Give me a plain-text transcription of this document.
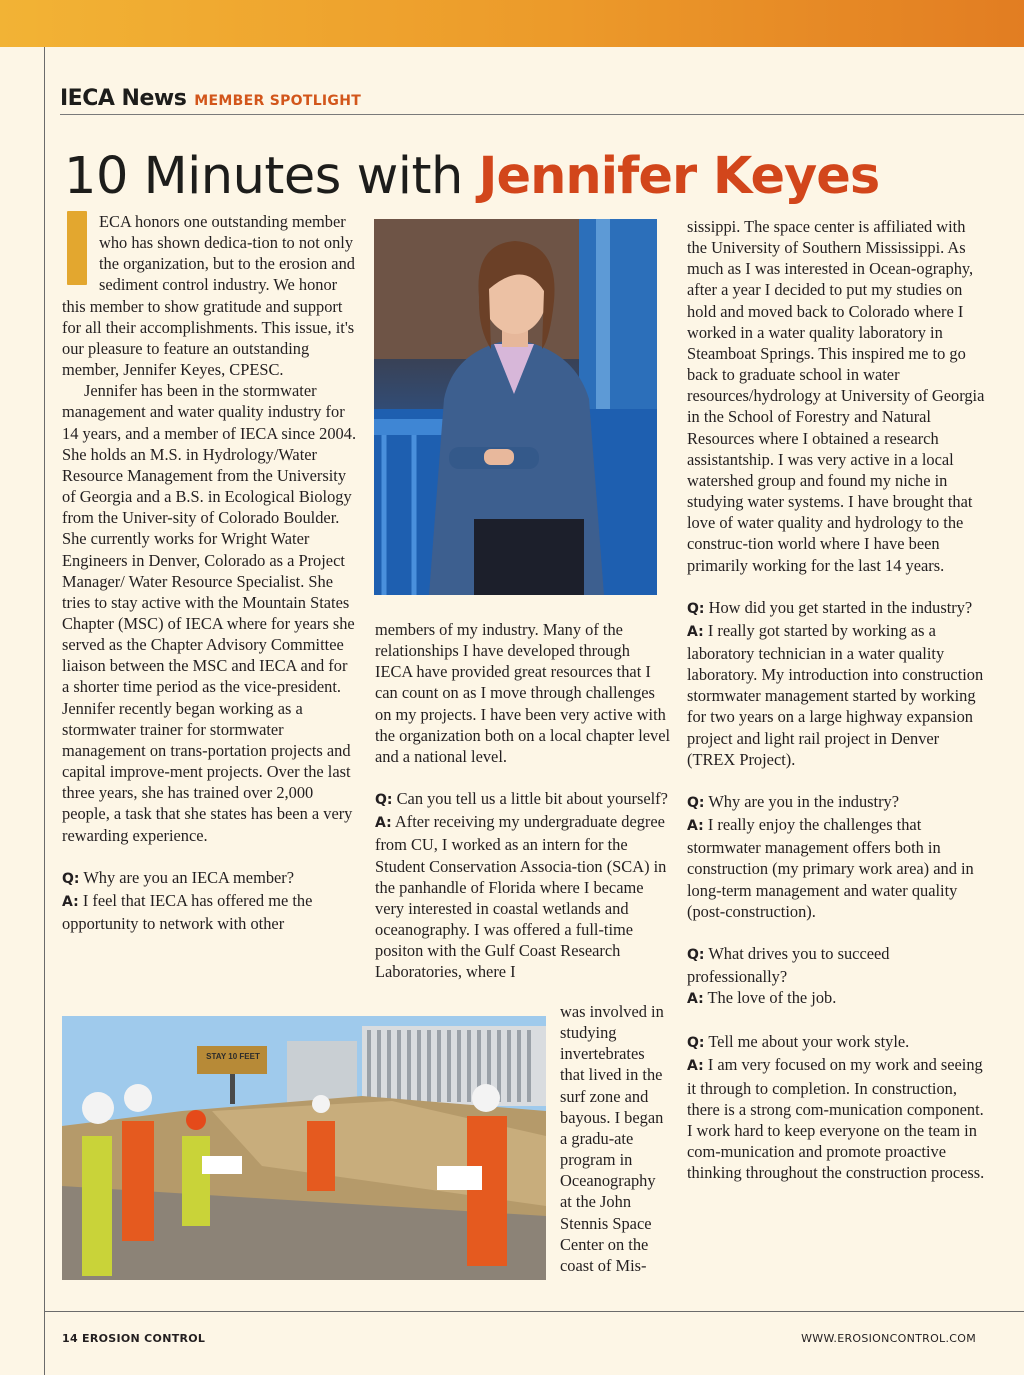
IECA News MEMBER SPOTLIGHT
10 Minutes with Jennifer Keyes

ECA honors one outstanding member who has shown dedica-tion to not only the organization, but to the erosion and sediment control industry. We honor this member to show gratitude and support for all their accomplishments. This issue, it's our pleasure to feature an outstanding member, Jennifer Keyes, CPESC.

Jennifer has been in the stormwater management and water quality industry for 14 years, and a member of IECA since 2004. She holds an M.S. in Hydrology/Water Resource Management from the University of Georgia and a B.S. in Ecological Biology from the Univer-sity of Colorado Boulder. She currently works for Wright Water Engineers in Denver, Colorado as a Project Manager/ Water Resource Specialist. She tries to stay active with the Mountain States Chapter (MSC) of IECA where for years she served as the Chapter Advisory Committee liaison between the MSC and IECA and for a shorter time period as the vice-president. Jennifer recently began working as a stormwater trainer for stormwater management on trans-portation projects and capital improve-ment projects. Over the last three years, she has trained over 2,000 people, a task that she states has been a very rewarding experience.

Q: Why are you an IECA member?

A: I feel that IECA has offered me the opportunity to network with other

members of my industry. Many of the relationships I have developed through IECA have provided great resources that I can count on as I move through challenges on my projects. I have been very active with the organization both on a local chapter level and a national level.

Q: Can you tell us a little bit about yourself?

A: After receiving my undergraduate degree from CU, I worked as an intern for the Student Conservation Associa-tion (SCA) in the panhandle of Florida where I became very interested in coastal wetlands and oceanography. I was offered a full-time positon with the Gulf Coast Research Laboratories, where I

was involved in studying invertebrates that lived in the surf zone and bayous. I began a gradu-ate program in Oceanography at the John Stennis Space Center on the coast of Mis-

STAY 10 FEET

sissippi. The space center is affiliated with the University of Southern Mississippi. As much as I was interested in Ocean-ography, after a year I decided to put my studies on hold and moved back to Colorado where I worked in a water quality laboratory in Steamboat Springs. This inspired me to go back to graduate school in water resources/hydrology at University of Georgia in the School of Forestry and Natural Resources where I obtained a research assistantship. I was very active in a local watershed group and found my niche in studying water systems. I have brought that love of water quality and hydrology to the construc-tion world where I have been primarily working for the last 14 years.

Q: How did you get started in the industry?

A: I really got started by working as a laboratory technician in a water quality laboratory. My introduction into construction stormwater management started by working for two years on a large highway expansion project and light rail project in Denver (TREX Project).

Q: Why are you in the industry?

A: I really enjoy the challenges that stormwater management offers both in construction (my primary work area) and in long-term management and water quality (post-construction).

Q: What drives you to succeed professionally?

A: The love of the job.

Q: Tell me about your work style.

A: I am very focused on my work and seeing it through to completion. In construction, there is a strong com-munication component. I work hard to keep everyone on the team in com-munication and promote proactive thinking throughout the construction process.

14 EROSION CONTROL	WWW.EROSIONCONTROL.COM
